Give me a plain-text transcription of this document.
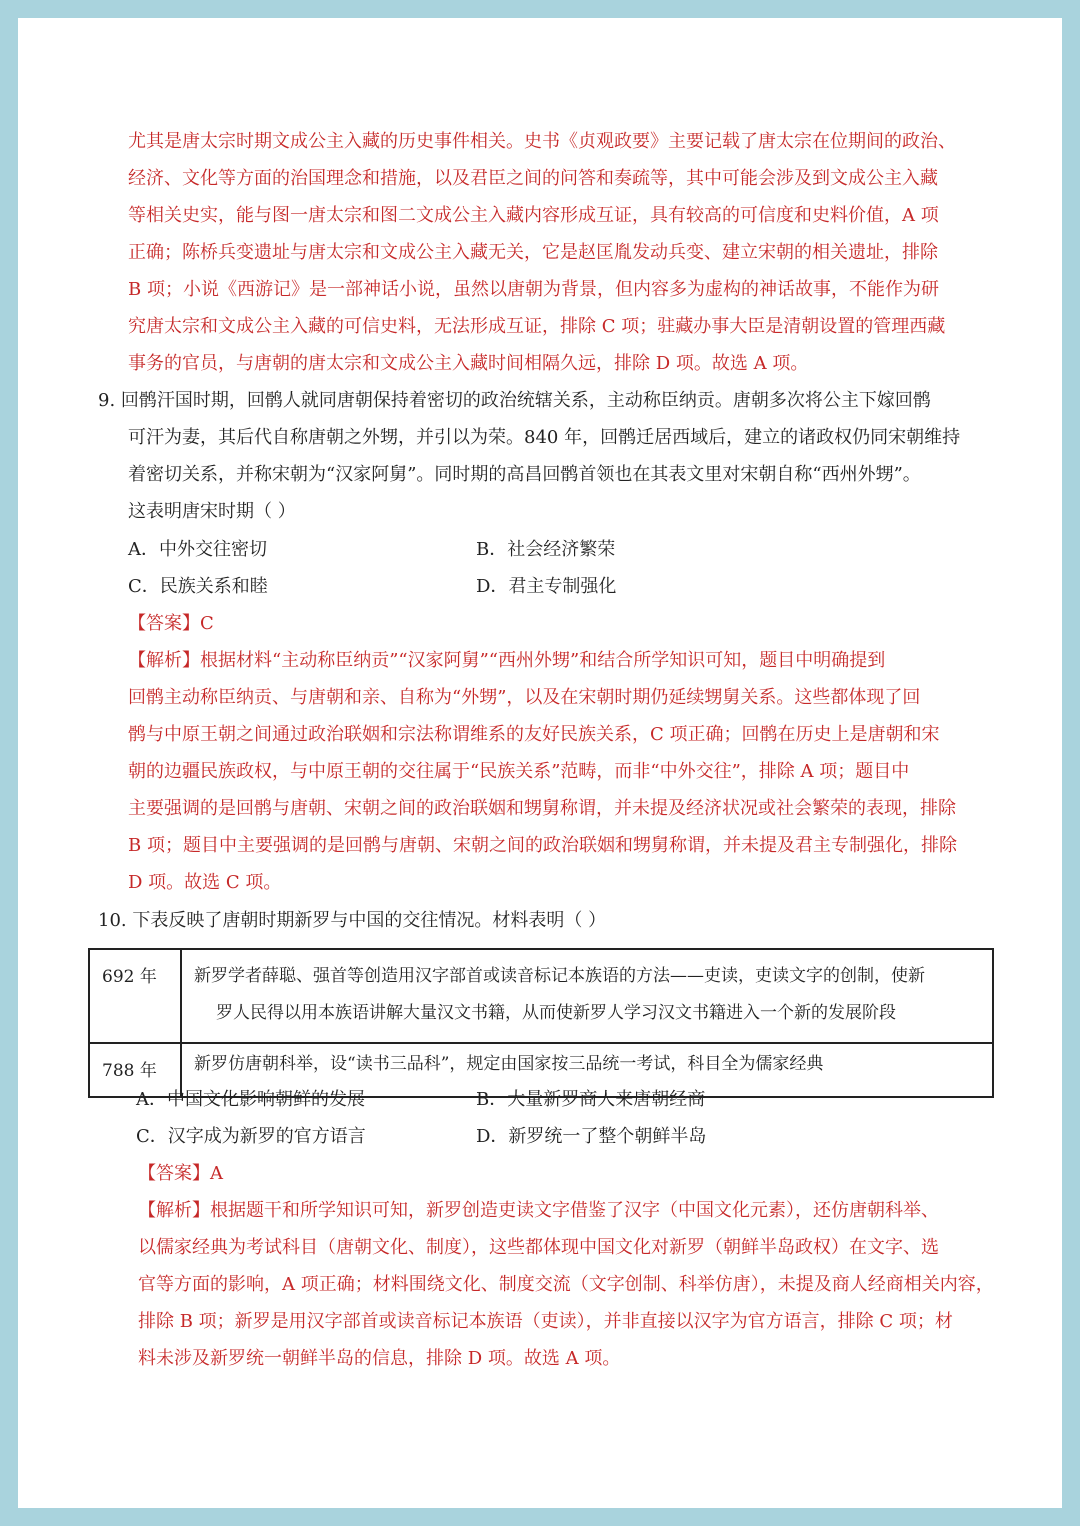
尤其是唐太宗时期文成公主入藏的历史事件相关。史书《贞观政要》主要记载了唐太宗在位期间的政治、
经济、文化等方面的治国理念和措施，以及君臣之间的问答和奏疏等，其中可能会涉及到文成公主入藏
等相关史实，能与图一唐太宗和图二文成公主入藏内容形成互证，具有较高的可信度和史料价值，A 项
正确；陈桥兵变遗址与唐太宗和文成公主入藏无关，它是赵匡胤发动兵变、建立宋朝的相关遗址，排除
B 项；小说《西游记》是一部神话小说，虽然以唐朝为背景，但内容多为虚构的神话故事，不能作为研
究唐太宗和文成公主入藏的可信史料，无法形成互证，排除 C 项；驻藏办事大臣是清朝设置的管理西藏
事务的官员，与唐朝的唐太宗和文成公主入藏时间相隔久远，排除 D 项。故选 A 项。
9. 回鹘汗国时期，回鹘人就同唐朝保持着密切的政治统辖关系，主动称臣纳贡。唐朝多次将公主下嫁回鹘
可汗为妻，其后代自称唐朝之外甥，并引以为荣。840 年，回鹘迁居西域后，建立的诸政权仍同宋朝维持
着密切关系，并称宋朝为“汉家阿舅”。同时期的高昌回鹘首领也在其表文里对宋朝自称“西州外甥”。
这表明唐宋时期（ ）
A．中外交往密切	B．社会经济繁荣
C．民族关系和睦	D．君主专制强化
【答案】C
【解析】根据材料“主动称臣纳贡”“汉家阿舅”“西州外甥”和结合所学知识可知，题目中明确提到
回鹘主动称臣纳贡、与唐朝和亲、自称为“外甥”，以及在宋朝时期仍延续甥舅关系。这些都体现了回
鹘与中原王朝之间通过政治联姻和宗法称谓维系的友好民族关系，C 项正确；回鹘在历史上是唐朝和宋
朝的边疆民族政权，与中原王朝的交往属于“民族关系”范畴，而非“中外交往”，排除 A 项；题目中
主要强调的是回鹘与唐朝、宋朝之间的政治联姻和甥舅称谓，并未提及经济状况或社会繁荣的表现，排除
B 项；题目中主要强调的是回鹘与唐朝、宋朝之间的政治联姻和甥舅称谓，并未提及君主专制强化，排除
D 项。故选 C 项。
10. 下表反映了唐朝时期新罗与中国的交往情况。材料表明（ ）
692 年	新罗学者薛聪、强首等创造用汉字部首或读音标记本族语的方法——吏读，吏读文字的创制，使新
罗人民得以用本族语讲解大量汉文书籍，从而使新罗人学习汉文书籍进入一个新的发展阶段

788 年	新罗仿唐朝科举，设“读书三品科”，规定由国家按三品统一考试，科目全为儒家经典
A．中国文化影响朝鲜的发展	B．大量新罗商人来唐朝经商
C．汉字成为新罗的官方语言	D．新罗统一了整个朝鲜半岛
【答案】A
【解析】根据题干和所学知识可知，新罗创造吏读文字借鉴了汉字（中国文化元素），还仿唐朝科举、
以儒家经典为考试科目（唐朝文化、制度），这些都体现中国文化对新罗（朝鲜半岛政权）在文字、选
官等方面的影响，A 项正确；材料围绕文化、制度交流（文字创制、科举仿唐），未提及商人经商相关内容，
排除 B 项；新罗是用汉字部首或读音标记本族语（吏读），并非直接以汉字为官方语言，排除 C 项；材
料未涉及新罗统一朝鲜半岛的信息，排除 D 项。故选 A 项。
